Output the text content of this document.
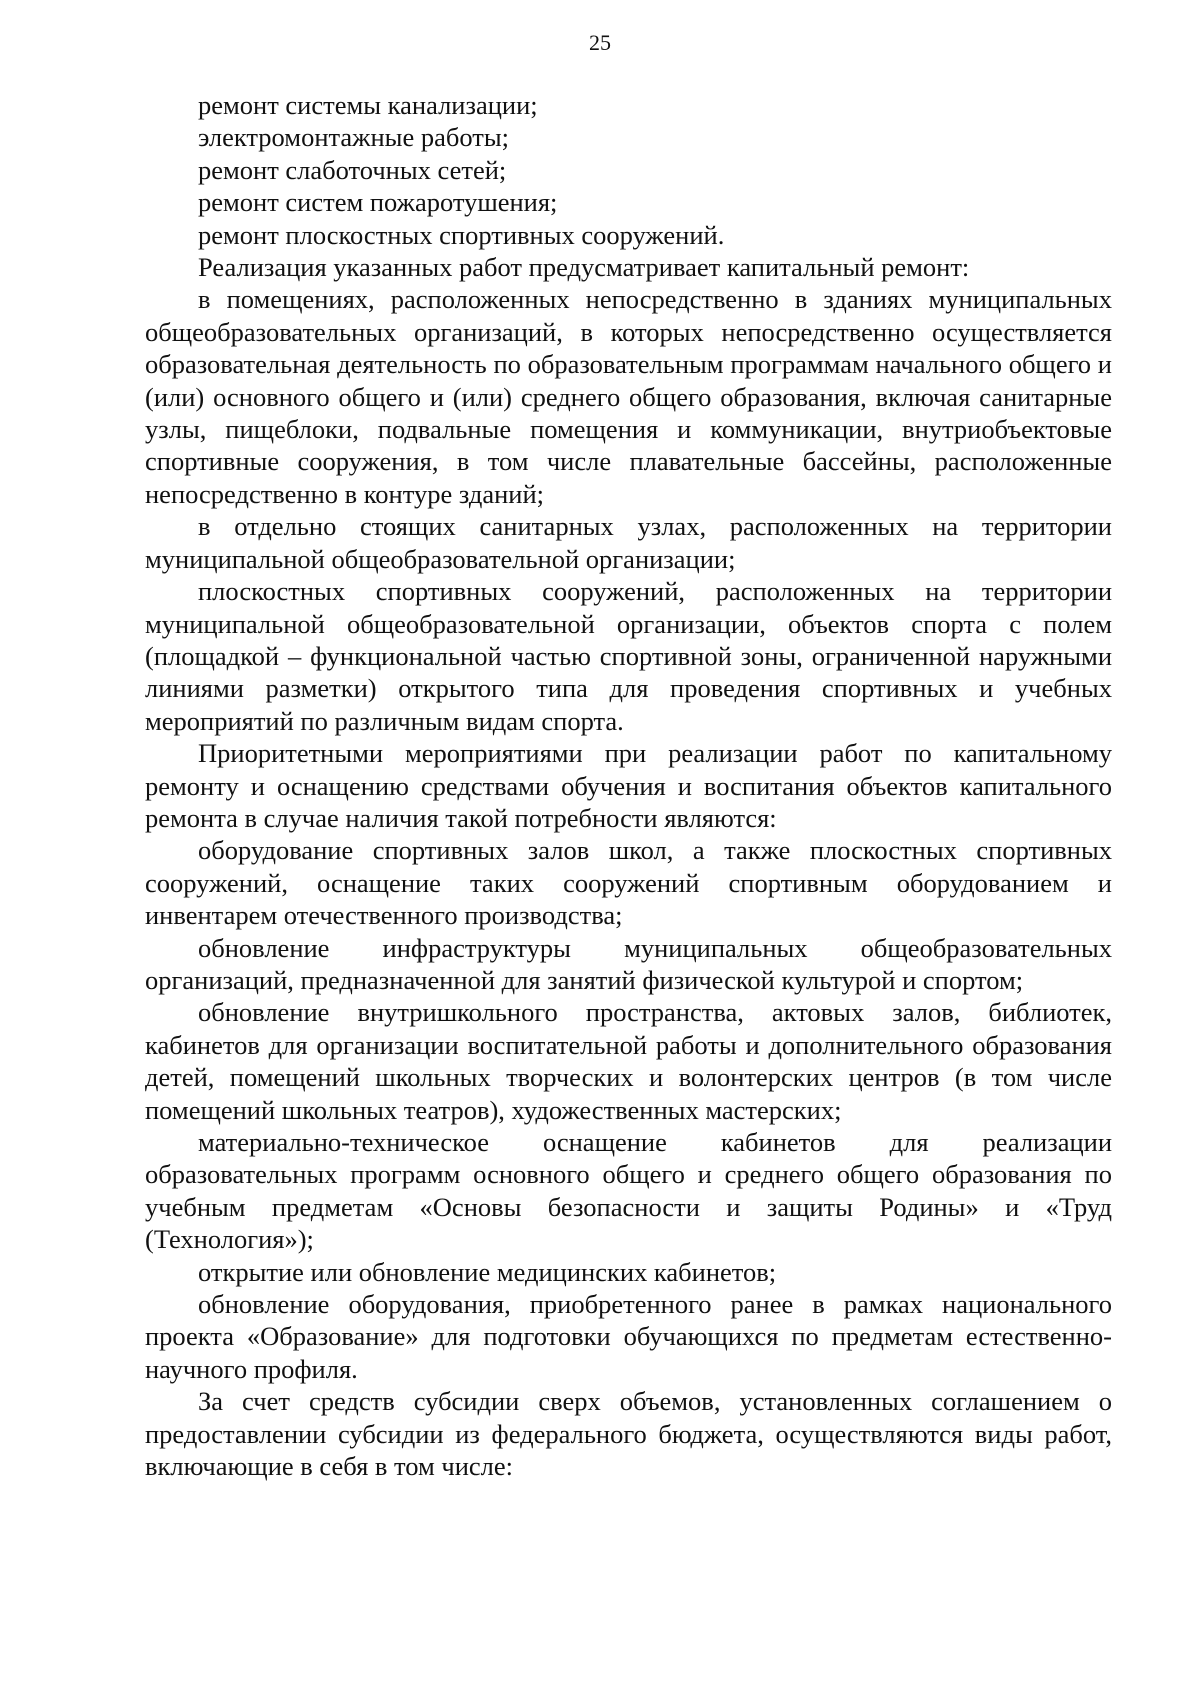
25

ремонт системы канализации;

электромонтажные работы;

ремонт слаботочных сетей;

ремонт систем пожаротушения;

ремонт плоскостных спортивных сооружений.

Реализация указанных работ предусматривает капитальный ремонт:

в помещениях, расположенных непосредственно в зданиях муниципальных общеобразовательных организаций, в которых непосредственно осуществляется образовательная деятельность по образовательным программам начального общего и (или) основного общего и (или) среднего общего образования, включая санитарные узлы, пищеблоки, подвальные помещения и коммуникации, внутриобъектовые спортивные сооружения, в том числе плавательные бассейны, расположенные непосредственно в контуре зданий;

в отдельно стоящих санитарных узлах, расположенных на территории муниципальной общеобразовательной организации;

плоскостных спортивных сооружений, расположенных на территории муниципальной общеобразовательной организации, объектов спорта с полем (площадкой – функциональной частью спортивной зоны, ограниченной наружными линиями разметки) открытого типа для проведения спортивных и учебных мероприятий по различным видам спорта.

Приоритетными мероприятиями при реализации работ по капитальному ремонту и оснащению средствами обучения и воспитания объектов капитального ремонта в случае наличия такой потребности являются:

оборудование спортивных залов школ, а также плоскостных спортивных сооружений, оснащение таких сооружений спортивным оборудованием и инвентарем отечественного производства;

обновление инфраструктуры муниципальных общеобразовательных организаций, предназначенной для занятий физической культурой и спортом;

обновление внутришкольного пространства, актовых залов, библиотек, кабинетов для организации воспитательной работы и дополнительного образования детей, помещений школьных творческих и волонтерских центров (в том числе помещений школьных театров), художественных мастерских;

материально-техническое оснащение кабинетов для реализации образовательных программ основного общего и среднего общего образования по учебным предметам «Основы безопасности и защиты Родины» и «Труд (Технология»);

открытие или обновление медицинских кабинетов;

обновление оборудования, приобретенного ранее в рамках национального проекта «Образование» для подготовки обучающихся по предметам естественно-научного профиля.

За счет средств субсидии сверх объемов, установленных соглашением о предоставлении субсидии из федерального бюджета, осуществляются виды работ, включающие в себя в том числе:
